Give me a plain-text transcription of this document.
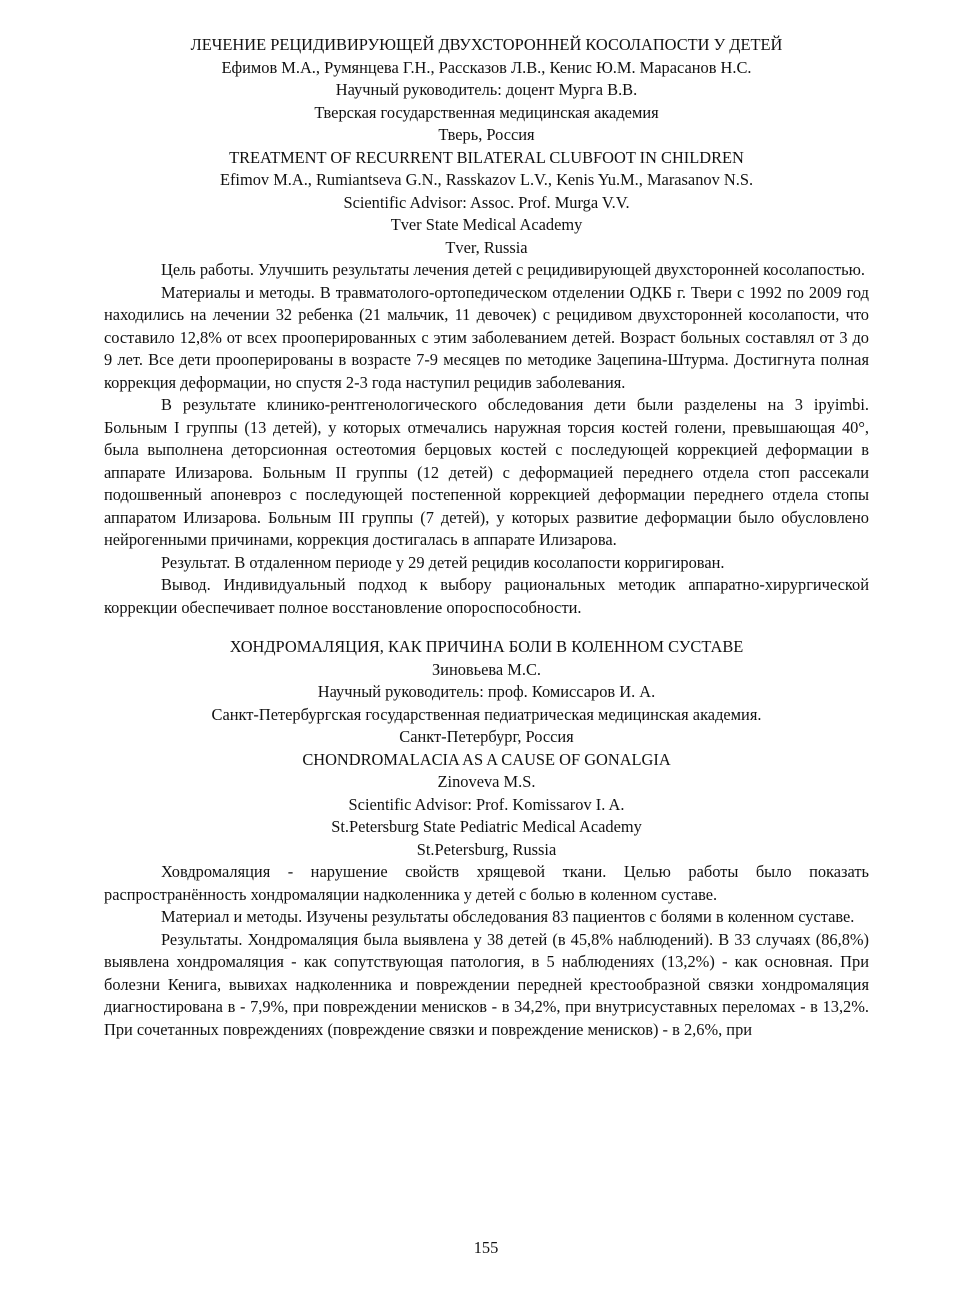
ЛЕЧЕНИЕ РЕЦИДИВИРУЮЩЕЙ ДВУХСТОРОННЕЙ КОСОЛАПОСТИ У ДЕТЕЙ

Ефимов М.А., Румянцева Г.Н., Рассказов Л.В., Кенис Ю.М. Марасанов Н.С.

Научный руководитель: доцент Мурга В.В.

Тверская государственная медицинская академия

Тверь, Россия

TREATMENT OF RECURRENT BILATERAL CLUBFOOT IN CHILDREN

Efimov M.A., Rumiantseva G.N., Rasskazov L.V., Kenis Yu.M., Marasanov N.S.

Scientific Advisor: Assoc. Prof. Murga V.V.

Tver State Medical Academy

Tver, Russia

Цель работы. Улучшить результаты лечения детей с рецидивирующей двухсторонней косолапостью.

Материалы и методы. В травматолого-ортопедическом отделении ОДКБ г. Твери с 1992 по 2009 год находились на лечении 32 ребенка (21 мальчик, 11 девочек) с рецидивом двухсторонней косолапости, что составило 12,8% от всех прооперированных с этим заболеванием детей. Возраст больных составлял от 3 до 9 лет. Все дети прооперированы в возрасте 7-9 месяцев по методике Зацепина-Штурма. Достигнута полная коррекция деформации, но спустя 2-3 года наступил рецидив заболевания.

В результате клинико-рентгенологического обследования дети были разделены на 3 ipyimbi. Больным I группы (13 детей), у которых отмечались наружная торсия костей голени, превышающая 40°, была выполнена деторсионная остеотомия берцовых костей с последующей коррекцией деформации в аппарате Илизарова. Больным II группы (12 детей) с деформацией переднего отдела стоп рассекали подошвенный апоневроз с последующей постепенной коррекцией деформации переднего отдела стопы аппаратом Илизарова. Больным III группы (7 детей), у которых развитие деформации было обусловлено нейрогенными причинами, коррекция достигалась в аппарате Илизарова.

Результат. В отдаленном периоде у 29 детей рецидив косолапости корригирован.

Вывод. Индивидуальный подход к выбору рациональных методик аппаратно-хирургической коррекции обеспечивает полное восстановление опороспособности.

ХОНДРОМАЛЯЦИЯ, КАК ПРИЧИНА БОЛИ В КОЛЕННОМ СУСТАВЕ

Зиновьева М.С.

Научный руководитель: проф. Комиссаров И. А.

Санкт-Петербургская государственная педиатрическая медицинская академия.

Санкт-Петербург, Россия

CHONDROMALACIA AS A CAUSE OF GONALGIA

Zinoveva M.S.

Scientific Advisor: Prof. Komissarov I. A.

St.Petersburg State Pediatric Medical Academy

St.Petersburg, Russia

Ховдромаляция - нарушение свойств хрящевой ткани. Целью работы было показать распространённость хондромаляции надколенника у детей с болью в коленном суставе.

Материал и методы. Изучены результаты обследования 83 пациентов с болями в коленном суставе.

Результаты. Хондромаляция была выявлена у 38 детей (в 45,8% наблюдений). В 33 случаях (86,8%) выявлена хондромаляция - как сопутствующая патология, в 5 наблюдениях (13,2%) - как основная. При болезни Кенига, вывихах надколенника и повреждении передней крестообразной связки хондромаляция диагностирована в - 7,9%, при повреждении менисков - в 34,2%, при внутрисуставных переломах - в 13,2%. При сочетанных повреждениях (повреждение связки и повреждение менисков) - в 2,6%, при

155
